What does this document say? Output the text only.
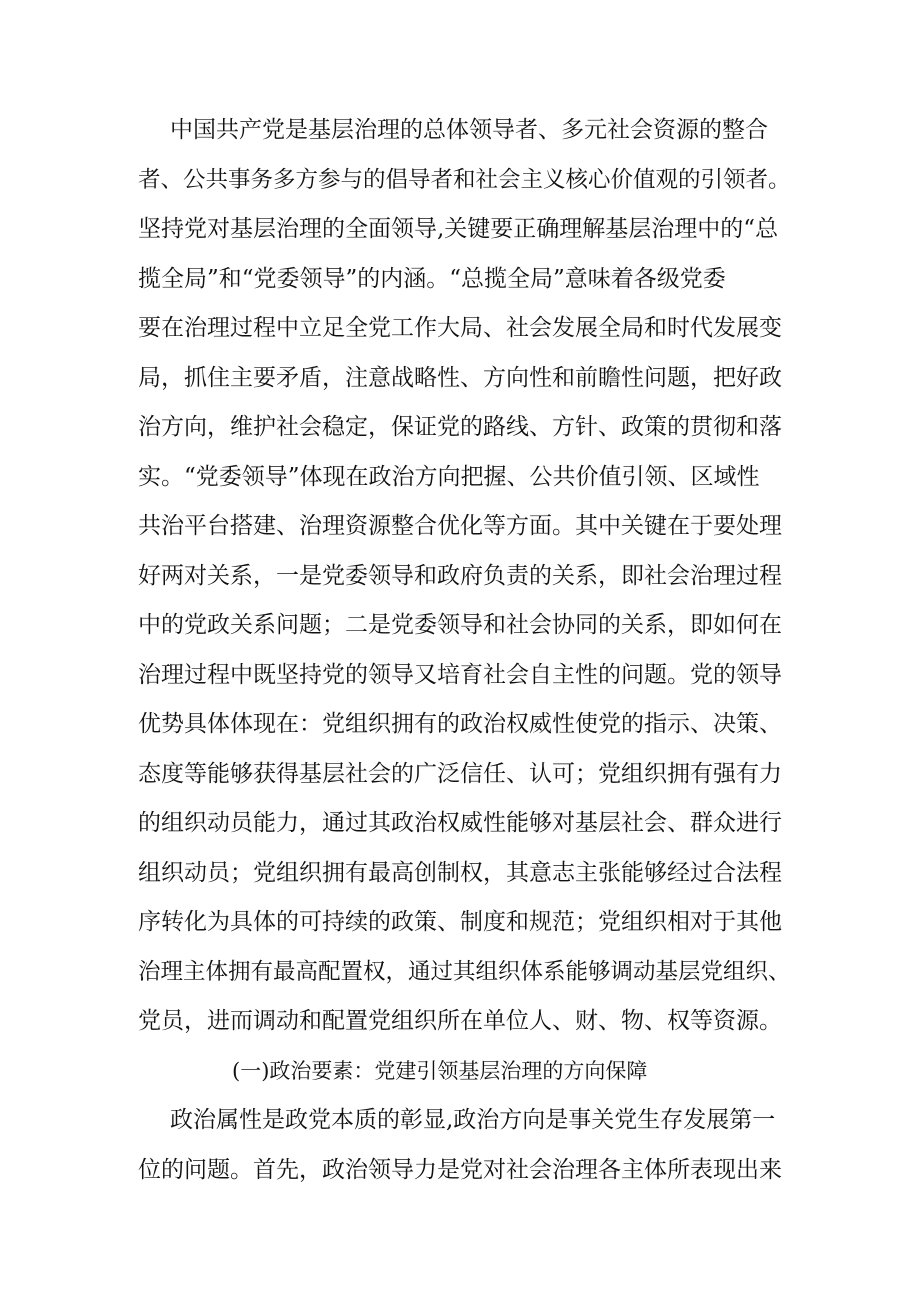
中国共产党是基层治理的总体领导者、多元社会资源的整合
者、公共事务多方参与的倡导者和社会主义核心价值观的引领者。
坚持党对基层治理的全面领导,关键要正确理解基层治理中的“总
揽全局”和“党委领导”的内涵。“总揽全局”意味着各级党委
要在治理过程中立足全党工作大局、社会发展全局和时代发展变
局，抓住主要矛盾，注意战略性、方向性和前瞻性问题，把好政
治方向，维护社会稳定，保证党的路线、方针、政策的贯彻和落
实。“党委领导”体现在政治方向把握、公共价值引领、区域性
共治平台搭建、治理资源整合优化等方面。其中关键在于要处理
好两对关系，一是党委领导和政府负责的关系，即社会治理过程
中的党政关系问题；二是党委领导和社会协同的关系，即如何在
治理过程中既坚持党的领导又培育社会自主性的问题。党的领导
优势具体体现在：党组织拥有的政治权威性使党的指示、决策、
态度等能够获得基层社会的广泛信任、认可；党组织拥有强有力
的组织动员能力，通过其政治权威性能够对基层社会、群众进行
组织动员；党组织拥有最高创制权，其意志主张能够经过合法程
序转化为具体的可持续的政策、制度和规范；党组织相对于其他
治理主体拥有最高配置权，通过其组织体系能够调动基层党组织、
党员，进而调动和配置党组织所在单位人、财、物、权等资源。
(一)政治要素：党建引领基层治理的方向保障
政治属性是政党本质的彰显,政治方向是事关党生存发展第一
位的问题。首先，政治领导力是党对社会治理各主体所表现出来
